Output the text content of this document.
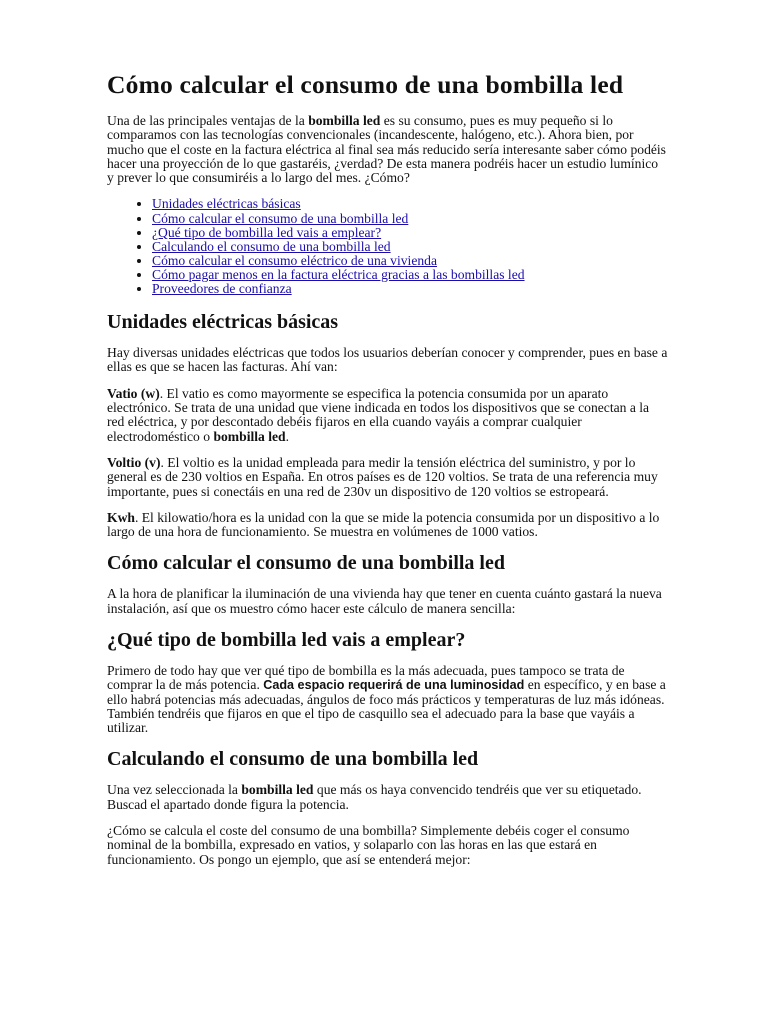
Cómo calcular el consumo de una bombilla led

Una de las principales ventajas de la bombilla led es su consumo, pues es muy pequeño si lo comparamos con las tecnologías convencionales (incandescente, halógeno, etc.). Ahora bien, por mucho que el coste en la factura eléctrica al final sea más reducido sería interesante saber cómo podéis hacer una proyección de lo que gastaréis, ¿verdad? De esta manera podréis hacer un estudio lumínico y prever lo que consumiréis a lo largo del mes. ¿Cómo?

• Unidades eléctricas básicas
• Cómo calcular el consumo de una bombilla led
• ¿Qué tipo de bombilla led vais a emplear?
• Calculando el consumo de una bombilla led
• Cómo calcular el consumo eléctrico de una vivienda
• Cómo pagar menos en la factura eléctrica gracias a las bombillas led
• Proveedores de confianza
Unidades eléctricas básicas

Hay diversas unidades eléctricas que todos los usuarios deberían conocer y comprender, pues en base a ellas es que se hacen las facturas. Ahí van:

Vatio (w). El vatio es como mayormente se especifica la potencia consumida por un aparato electrónico. Se trata de una unidad que viene indicada en todos los dispositivos que se conectan a la red eléctrica, y por descontado debéis fijaros en ella cuando vayáis a comprar cualquier electrodoméstico o bombilla led.

Voltio (v). El voltio es la unidad empleada para medir la tensión eléctrica del suministro, y por lo general es de 230 voltios en España. En otros países es de 120 voltios. Se trata de una referencia muy importante, pues si conectáis en una red de 230v un dispositivo de 120 voltios se estropeará.

Kwh. El kilowatio/hora es la unidad con la que se mide la potencia consumida por un dispositivo a lo largo de una hora de funcionamiento. Se muestra en volúmenes de 1000 vatios.

Cómo calcular el consumo de una bombilla led

A la hora de planificar la iluminación de una vivienda hay que tener en cuenta cuánto gastará la nueva instalación, así que os muestro cómo hacer este cálculo de manera sencilla:

¿Qué tipo de bombilla led vais a emplear?

Primero de todo hay que ver qué tipo de bombilla es la más adecuada, pues tampoco se trata de comprar la de más potencia. Cada espacio requerirá de una luminosidad en específico, y en base a ello habrá potencias más adecuadas, ángulos de foco más prácticos y temperaturas de luz más idóneas. También tendréis que fijaros en que el tipo de casquillo sea el adecuado para la base que vayáis a utilizar.

Calculando el consumo de una bombilla led

Una vez seleccionada la bombilla led que más os haya convencido tendréis que ver su etiquetado. Buscad el apartado donde figura la potencia.

¿Cómo se calcula el coste del consumo de una bombilla? Simplemente debéis coger el consumo nominal de la bombilla, expresado en vatios, y solaparlo con las horas en las que estará en funcionamiento. Os pongo un ejemplo, que así se entenderá mejor:
